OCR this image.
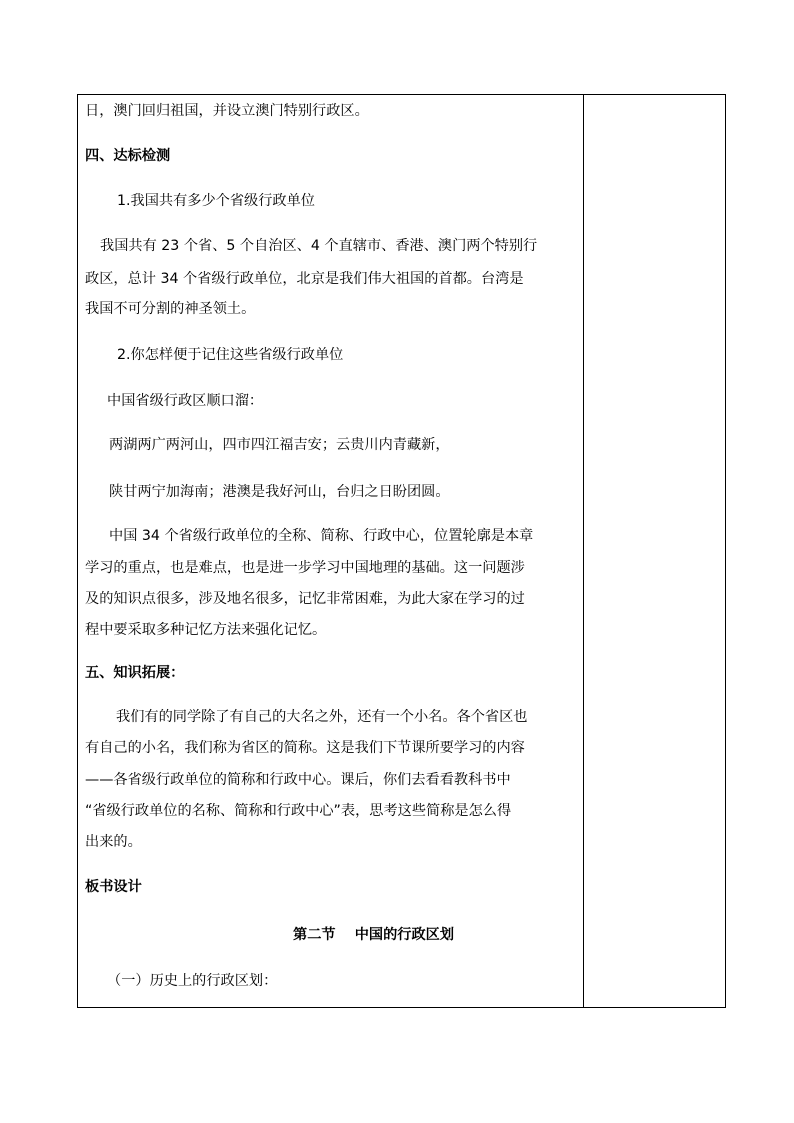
日，澳门回归祖国，并设立澳门特别行政区。
四、达标检测
1.我国共有多少个省级行政单位
我国共有 23 个省、5 个自治区、4 个直辖市、香港、澳门两个特别行
政区，总计 34 个省级行政单位，北京是我们伟大祖国的首都。台湾是
我国不可分割的神圣领土。
2.你怎样便于记住这些省级行政单位
中国省级行政区顺口溜：
两湖两广两河山，四市四江福吉安；云贵川内青藏新，
陕甘两宁加海南；港澳是我好河山，台归之日盼团圆。
中国 34 个省级行政单位的全称、简称、行政中心，位置轮廓是本章
学习的重点，也是难点，也是进一步学习中国地理的基础。这一问题涉
及的知识点很多，涉及地名很多，记忆非常困难，为此大家在学习的过
程中要采取多种记忆方法来强化记忆。
五、知识拓展：
我们有的同学除了有自己的大名之外，还有一个小名。各个省区也
有自己的小名，我们称为省区的简称。这是我们下节课所要学习的内容
——各省级行政单位的简称和行政中心。课后，你们去看看教科书中
“省级行政单位的名称、简称和行政中心”表，思考这些简称是怎么得
出来的。
板书设计
第二节　 中国的行政区划
（一）历史上的行政区划：
